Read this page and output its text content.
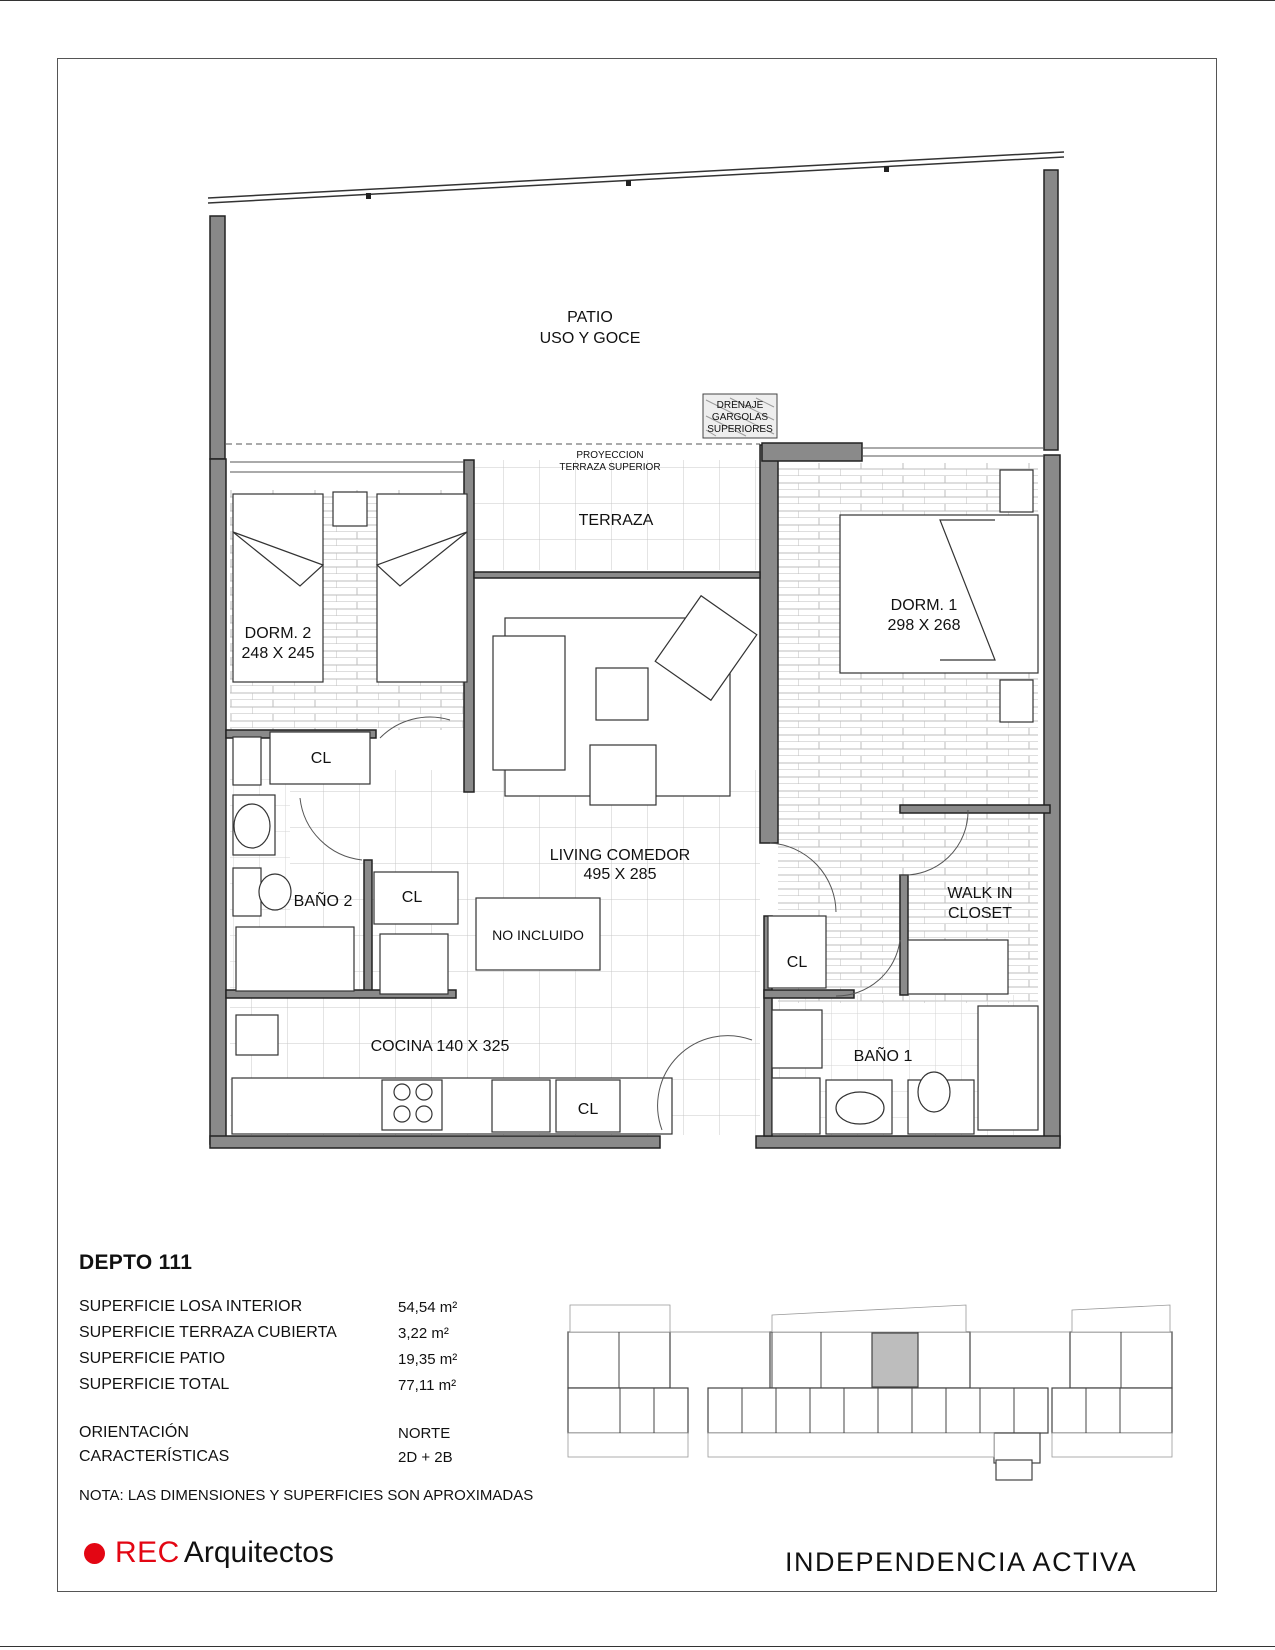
PATIO
USO Y GOCE
DRENAJE
GARGOLAS
SUPERIORES
PROYECCION
TERRAZA SUPERIOR
TERRAZA
DORM. 2
248 X 245
DORM. 1
298 X 268
LIVING COMEDOR
495 X 285
NO INCLUIDO
WALK IN
CLOSET
BAÑO 2
BAÑO 1
COCINA 140 X 325
CL
CL
CL
CL
DEPTO 111
SUPERFICIE LOSA INTERIOR	54,54 m²
SUPERFICIE TERRAZA CUBIERTA	3,22 m²
SUPERFICIE PATIO	19,35 m²
SUPERFICIE TOTAL	77,11 m²
ORIENTACIÓN	NORTE
CARACTERÍSTICAS	2D + 2B
NOTA: LAS DIMENSIONES Y SUPERFICIES SON APROXIMADAS
REC Arquitectos	INDEPENDENCIA ACTIVA
